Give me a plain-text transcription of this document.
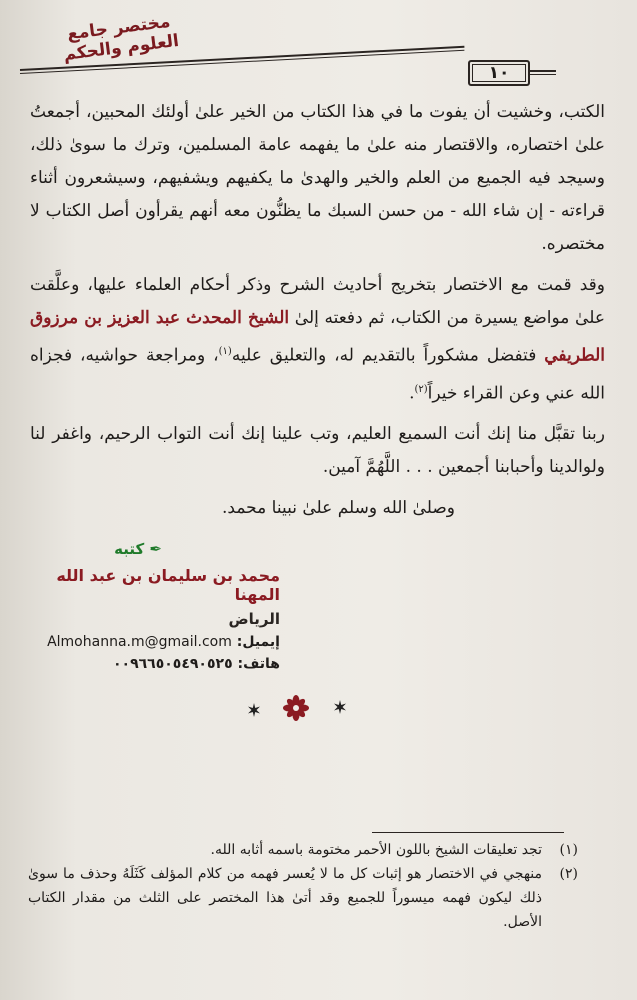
مختصر جامع العلوم والحكم
١٠

الكتب، وخشيت أن يفوت ما في هذا الكتاب من الخير علىٰ أولئك المحبين، أجمعتُ علىٰ اختصاره، والاقتصار منه علىٰ ما يفهمه عامة المسلمين، وترك ما سوىٰ ذلك، وسيجد فيه الجميع من العلم والخير والهدىٰ ما يكفيهم ويشفيهم، وسيشعرون أثناء قراءته - إن شاء الله - من حسن السبك ما يظنُّون معه أنهم يقرأون أصل الكتاب لا مختصره.

وقد قمت مع الاختصار بتخريج أحاديث الشرح وذكر أحكام العلماء عليها، وعلَّقت علىٰ مواضع يسيرة من الكتاب، ثم دفعته إلىٰ الشيخ المحدث عبد العزيز بن مرزوق الطريفي فتفضل مشكوراً بالتقديم له، والتعليق عليه$^{(١)}$، ومراجعة حواشيه، فجزاه الله عني وعن القراء خيراً$^{(٢)}$.

ربنا تقبَّل منا إنك أنت السميع العليم، وتب علينا إنك أنت التواب الرحيم، واغفر لنا ولوالدينا وأحبابنا أجمعين . . . اللَّهُمَّ آمين.

وصلىٰ الله وسلم علىٰ نبينا محمد.

✒ كتبه
محمد بن سليمان بن عبد الله المهنا
الرياض
إيميل: Almohanna.m@gmail.com
هاتف: ٠٠٩٦٦٥٠٥٤٩٠٥٢٥
(١)
تجد تعليقات الشيخ باللون الأحمر مختومة باسمه أثابه الله.
(٢)
منهجي في الاختصار هو إثبات كل ما لا يُعسر فهمه من كلام المؤلف كَثَلَهُ وحذف ما سوىٰ ذلك ليكون فهمه ميسوراً للجميع وقد أتىٰ هذا المختصر على الثلث من مقدار الكتاب الأصل.
